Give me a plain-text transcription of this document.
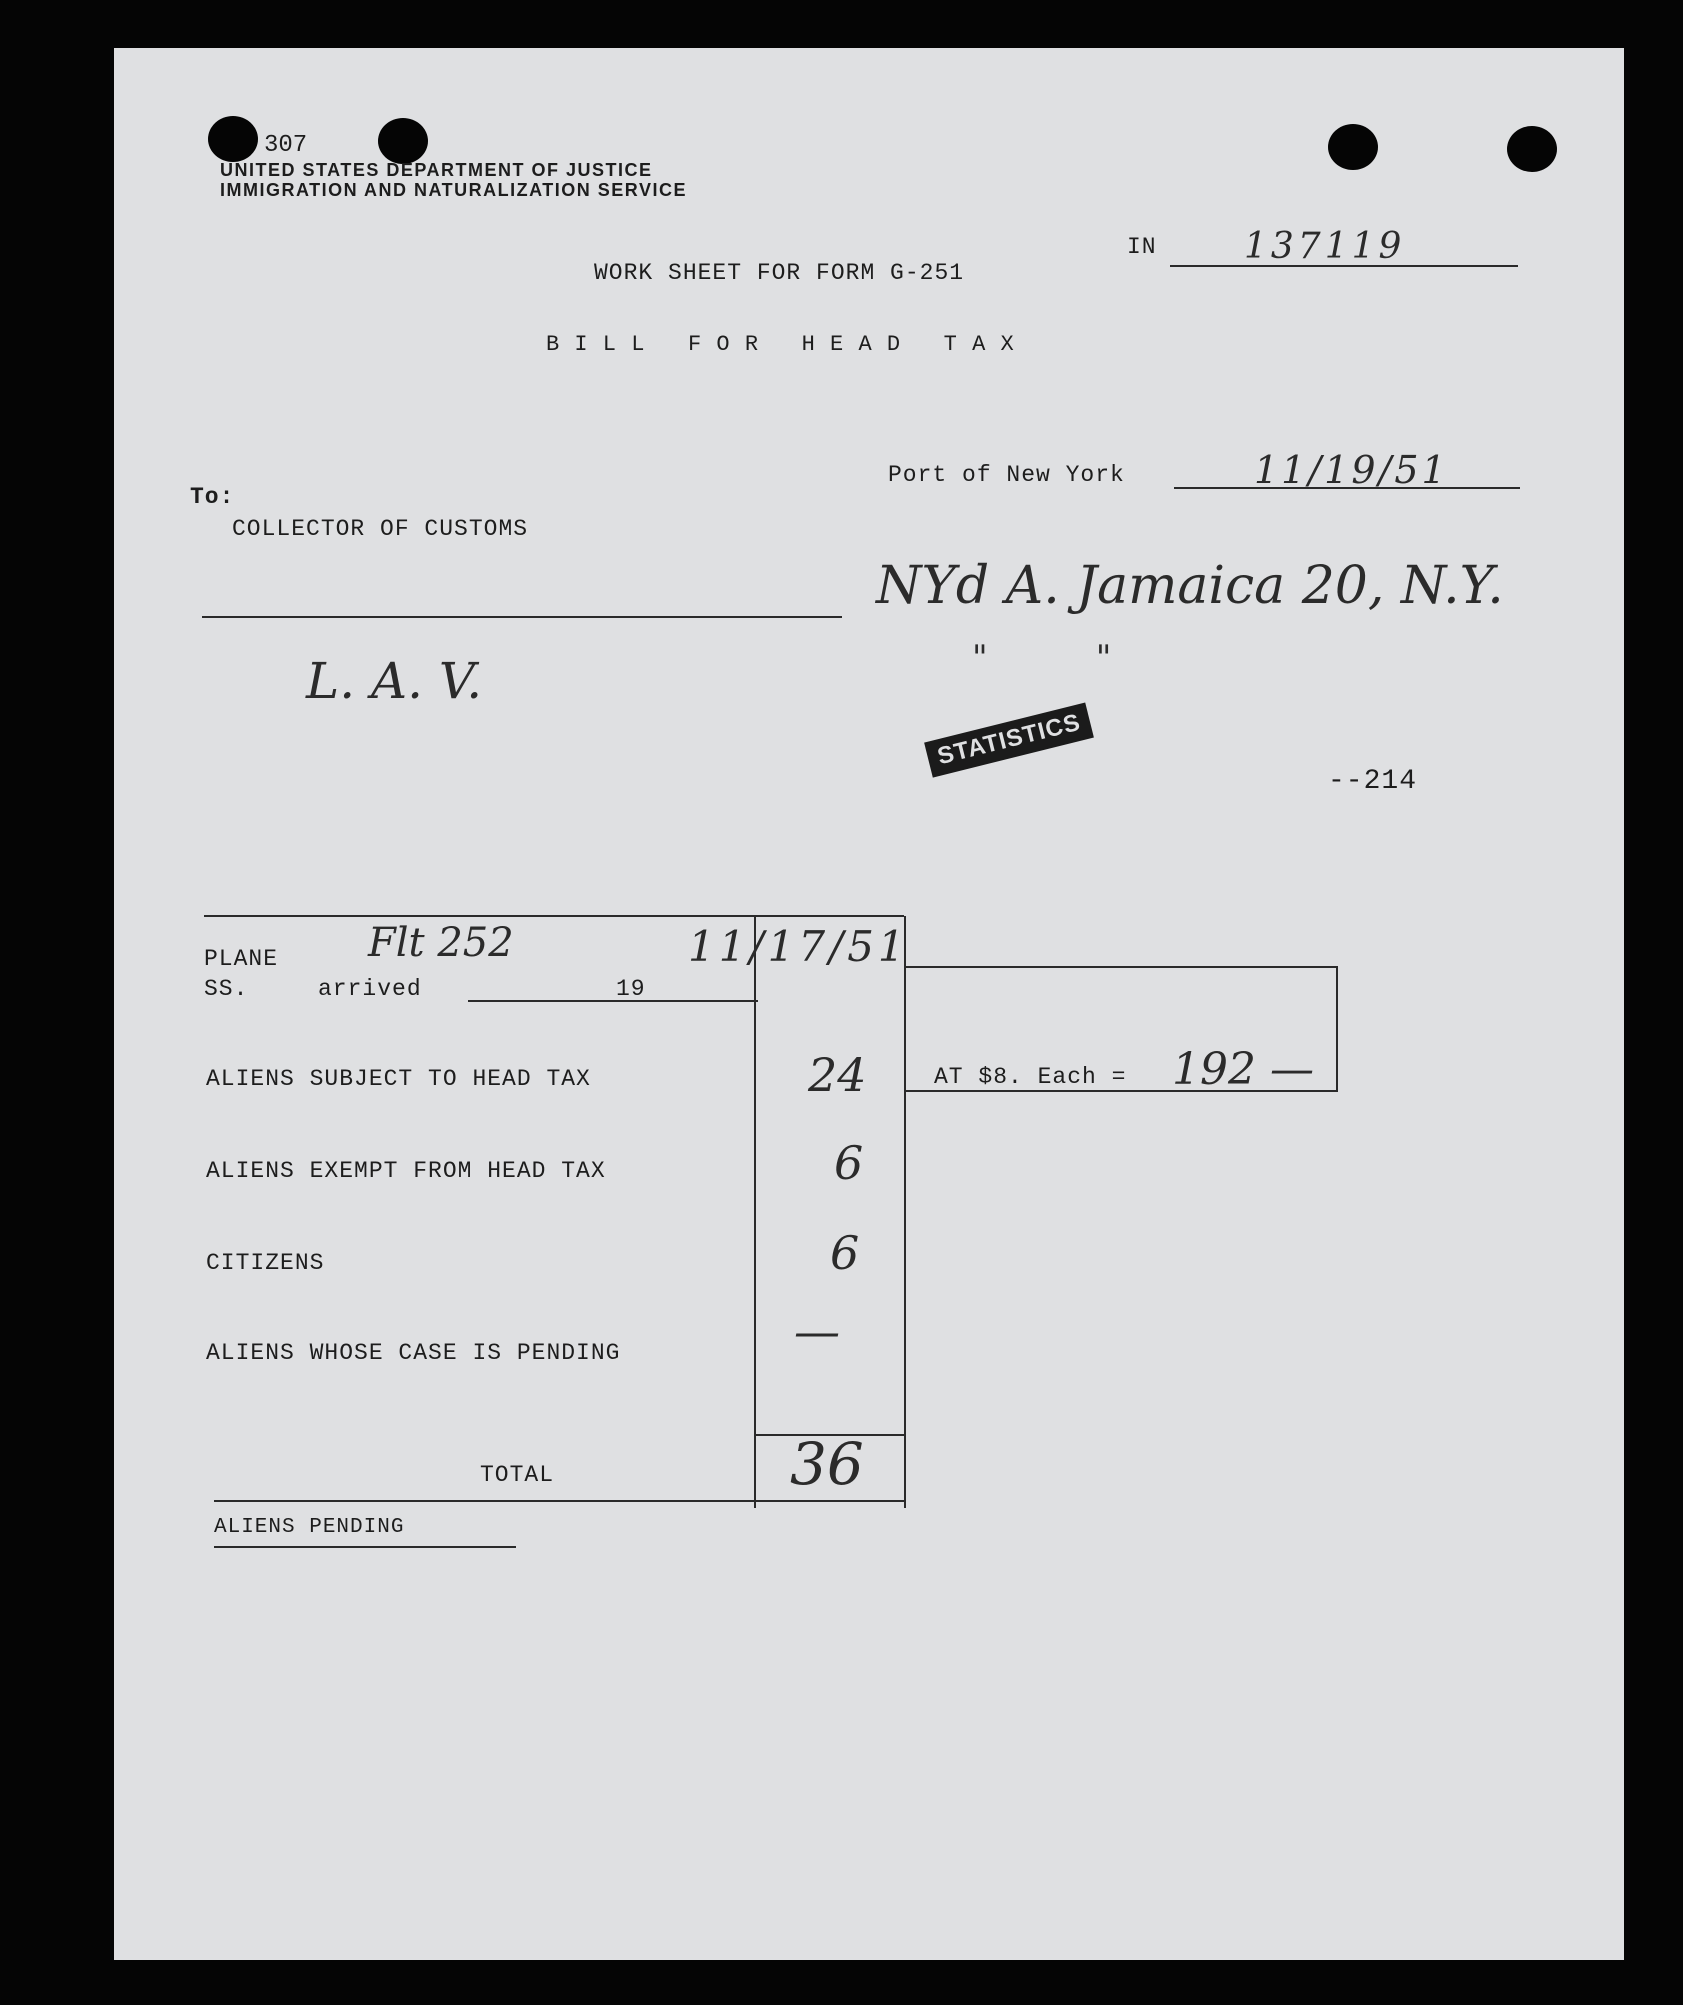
307
UNITED STATES DEPARTMENT OF JUSTICE
IMMIGRATION AND NATURALIZATION SERVICE
IN 137119
WORK SHEET FOR FORM G-251
B I L L   F O R   H E A D   T A X
Port of New York	11/19/51
To:
COLLECTOR OF CUSTOMS
NYd A. Jamaica 20, N.Y.
"          "
L. A. V.
STATISTICS
--214
PLANE
SS.	arrived	19
Flt 252	11/17/51
ALIENS SUBJECT TO HEAD TAX	24
ALIENS EXEMPT FROM HEAD TAX	6
CITIZENS	6
ALIENS WHOSE CASE IS PENDING	—
AT $8. Each = 192 —
TOTAL	36
ALIENS PENDING
